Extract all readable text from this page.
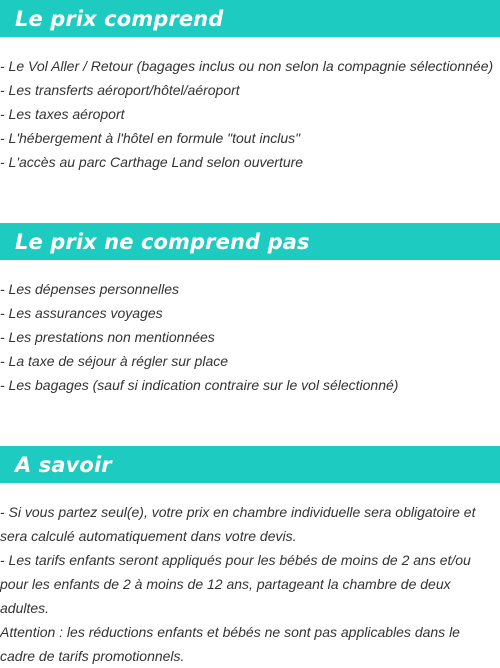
Le prix comprend
- Le Vol Aller / Retour (bagages inclus ou non selon la compagnie sélectionnée)
- Les transferts aéroport/hôtel/aéroport
- Les taxes aéroport
- L'hébergement à l'hôtel en formule "tout inclus"
- L'accès au parc Carthage Land selon ouverture
Le prix ne comprend pas
- Les dépenses personnelles
- Les assurances voyages
- Les prestations non mentionnées
- La taxe de séjour à régler sur place
- Les bagages (sauf si indication contraire sur le vol sélectionné)
A savoir

- Si vous partez seul(e), votre prix en chambre individuelle sera obligatoire et sera calculé automatiquement dans votre devis.

- Les tarifs enfants seront appliqués pour les bébés de moins de 2 ans et/ou pour les enfants de 2 à moins de 12 ans, partageant la chambre de deux adultes.

Attention : les réductions enfants et bébés ne sont pas applicables dans le cadre de tarifs promotionnels.
